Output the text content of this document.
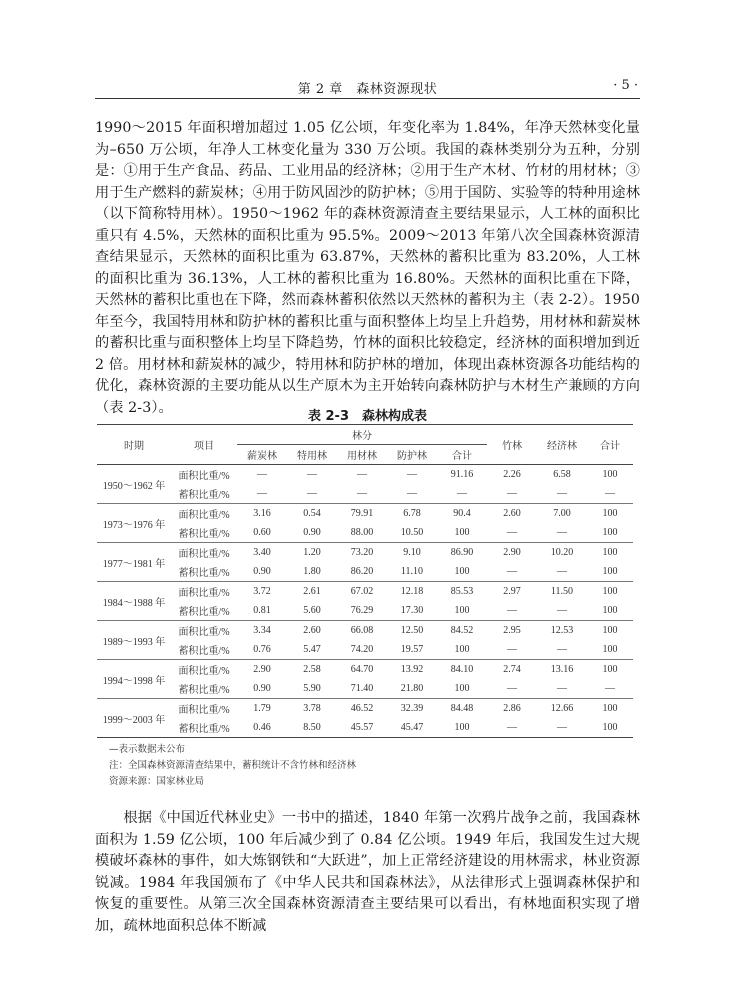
第 2 章　森林资源现状	· 5 ·

1990～2015 年面积增加超过 1.05 亿公顷，年变化率为 1.84%，年净天然林变化量为–650 万公顷，年净人工林变化量为 330 万公顷。我国的森林类别分为五种，分别是：①用于生产食品、药品、工业用品的经济林；②用于生产木材、竹材的用材林；③用于生产燃料的薪炭林；④用于防风固沙的防护林；⑤用于国防、实验等的特种用途林（以下简称特用林）。1950～1962 年的森林资源清查主要结果显示，人工林的面积比重只有 4.5%，天然林的面积比重为 95.5%。2009～2013 年第八次全国森林资源清查结果显示，天然林的面积比重为 63.87%，天然林的蓄积比重为 83.20%，人工林的面积比重为 36.13%，人工林的蓄积比重为 16.80%。天然林的面积比重在下降，天然林的蓄积比重也在下降，然而森林蓄积依然以天然林的蓄积为主（表 2-2）。1950 年至今，我国特用林和防护林的蓄积比重与面积整体上均呈上升趋势，用材林和薪炭林的蓄积比重与面积整体上均呈下降趋势，竹林的面积比较稳定，经济林的面积增加到近 2 倍。用材林和薪炭林的减少，特用林和防护林的增加，体现出森林资源各功能结构的优化，森林资源的主要功能从以生产原木为主开始转向森林防护与木材生产兼顾的方向（表 2-3）。

表 2-3　森林构成表
时期	项目	林分					竹林	经济林	合计
		薪炭林	特用林	用材林	防护林	合计			
1950～1962 年	面积比重/%	—	—	—	—	91.16	2.26	6.58	100
	蓄积比重/%	—	—	—	—	—	—	—	—
1973～1976 年	面积比重/%	3.16	0.54	79.91	6.78	90.4	2.60	7.00	100
	蓄积比重/%	0.60	0.90	88.00	10.50	100	—	—	100
1977～1981 年	面积比重/%	3.40	1.20	73.20	9.10	86.90	2.90	10.20	100
	蓄积比重/%	0.90	1.80	86.20	11.10	100	—	—	100
1984～1988 年	面积比重/%	3.72	2.61	67.02	12.18	85.53	2.97	11.50	100
	蓄积比重/%	0.81	5.60	76.29	17.30	100	—	—	100
1989～1993 年	面积比重/%	3.34	2.60	66.08	12.50	84.52	2.95	12.53	100
	蓄积比重/%	0.76	5.47	74.20	19.57	100	—	—	100
1994～1998 年	面积比重/%	2.90	2.58	64.70	13.92	84.10	2.74	13.16	100
	蓄积比重/%	0.90	5.90	71.40	21.80	100	—	—	—
1999～2003 年	面积比重/%	1.79	3.78	46.52	32.39	84.48	2.86	12.66	100
	蓄积比重/%	0.46	8.50	45.57	45.47	100	—	—	100
—表示数据未公布
注：全国森林资源清查结果中，蓄积统计不含竹林和经济林
资源来源：国家林业局

根据《中国近代林业史》一书中的描述，1840 年第一次鸦片战争之前，我国森林面积为 1.59 亿公顷，100 年后减少到了 0.84 亿公顷。1949 年后，我国发生过大规模破坏森林的事件，如大炼钢铁和“大跃进”，加上正常经济建设的用林需求，林业资源锐减。1984 年我国颁布了《中华人民共和国森林法》，从法律形式上强调森林保护和恢复的重要性。从第三次全国森林资源清查主要结果可以看出，有林地面积实现了增加，疏林地面积总体不断减
